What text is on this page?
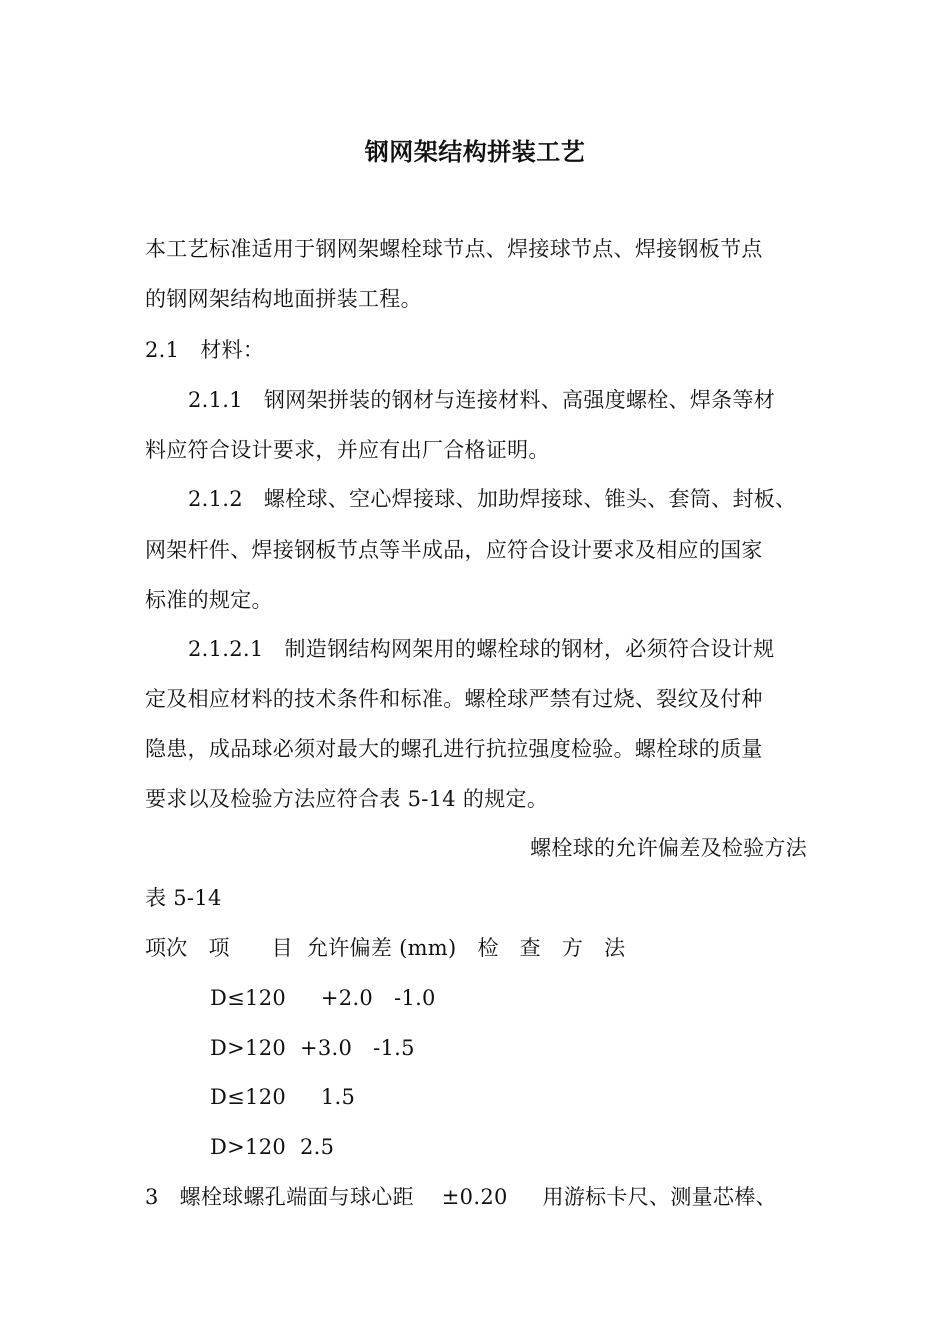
钢网架结构拼装工艺
本工艺标准适用于钢网架螺栓球节点、焊接球节点、焊接钢板节点
的钢网架结构地面拼装工程。
2.1   材料：
2.1.1   钢网架拼装的钢材与连接材料、高强度螺栓、焊条等材
料应符合设计要求，并应有出厂合格证明。
2.1.2   螺栓球、空心焊接球、加助焊接球、锥头、套筒、封板、
网架杆件、焊接钢板节点等半成品，应符合设计要求及相应的国家
标准的规定。
2.1.2.1   制造钢结构网架用的螺栓球的钢材，必须符合设计规
定及相应材料的技术条件和标准。螺栓球严禁有过烧、裂纹及付种
隐患，成品球必须对最大的螺孔进行抗拉强度检验。螺栓球的质量
要求以及检验方法应符合表 5-14 的规定。
螺栓球的允许偏差及检验方法
表 5-14
项次   项      目  允许偏差 (mm)   检   查   方   法
D≤120     +2.0   -1.0
D>120  +3.0   -1.5
D≤120     1.5
D>120  2.5
3   螺栓球螺孔端面与球心距    ±0.20     用游标卡尺、测量芯棒、
